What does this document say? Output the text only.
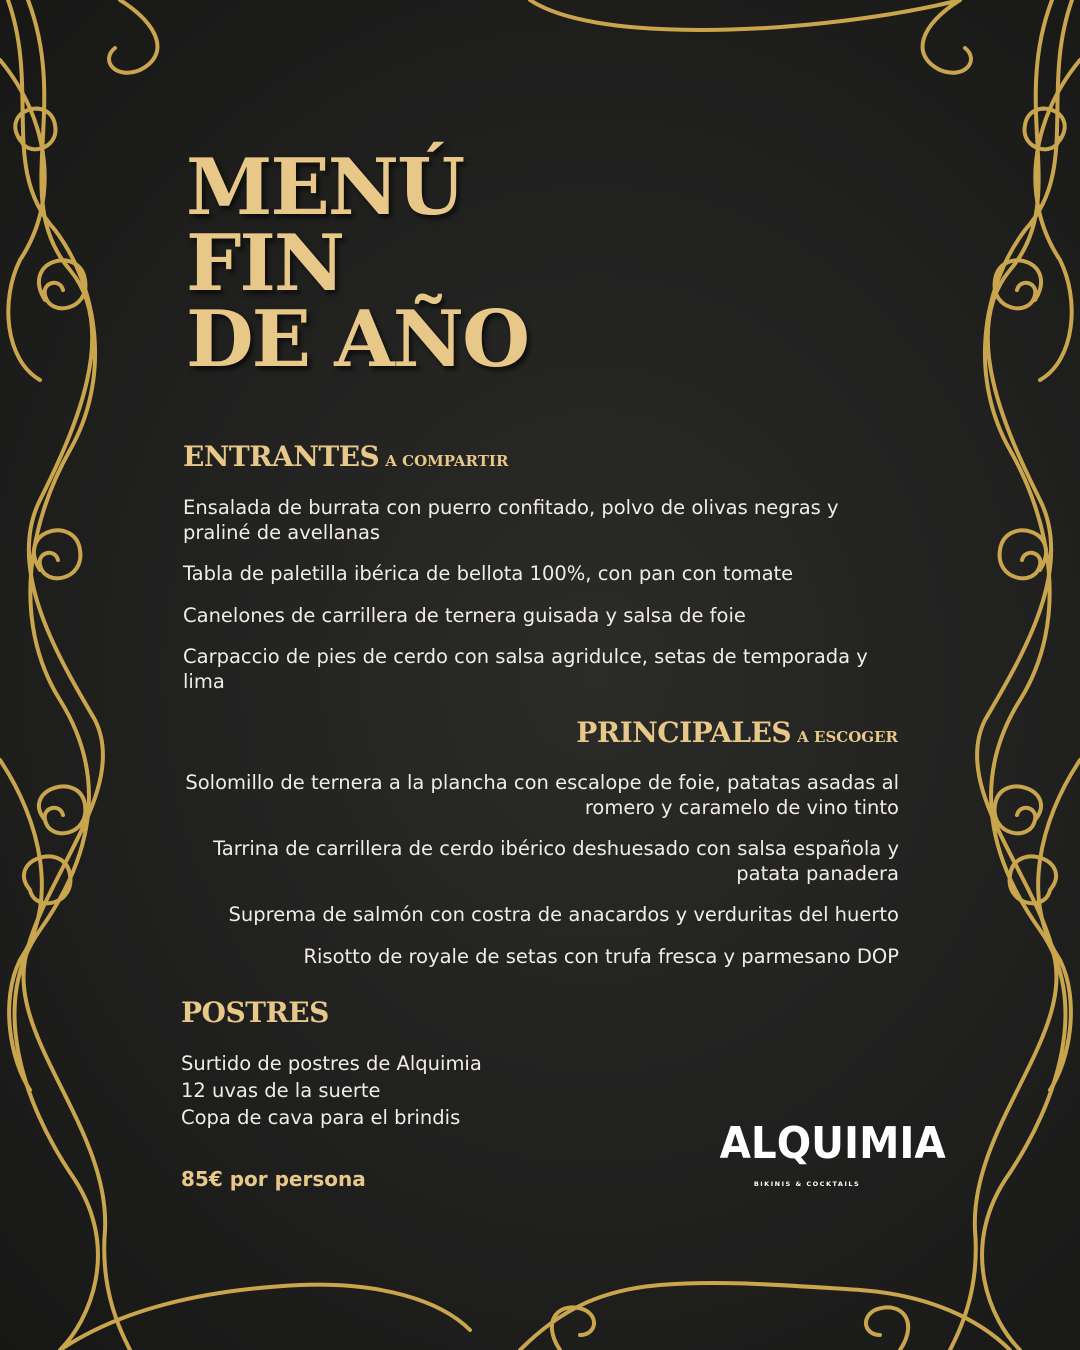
MENÚ
FIN
DE AÑO
ENTRANTES A COMPARTIR
Ensalada de burrata con puerro confitado, polvo de olivas negras y praliné de avellanas
Tabla de paletilla ibérica de bellota 100%, con pan con tomate
Canelones de carrillera de ternera guisada y salsa de foie
Carpaccio de pies de cerdo con salsa agridulce, setas de temporada y lima
PRINCIPALES A ESCOGER
Solomillo de ternera a la plancha con escalope de foie, patatas asadas al romero y caramelo de vino tinto
Tarrina de carrillera de cerdo ibérico deshuesado con salsa española y patata panadera
Suprema de salmón con costra de anacardos y verduritas del huerto
Risotto de royale de setas con trufa fresca y parmesano DOP
POSTRES
Surtido de postres de Alquimia
12 uvas de la suerte
Copa de cava para el brindis
85€ por persona
ALQUIMIA
BIKINIS & COCKTAILS
